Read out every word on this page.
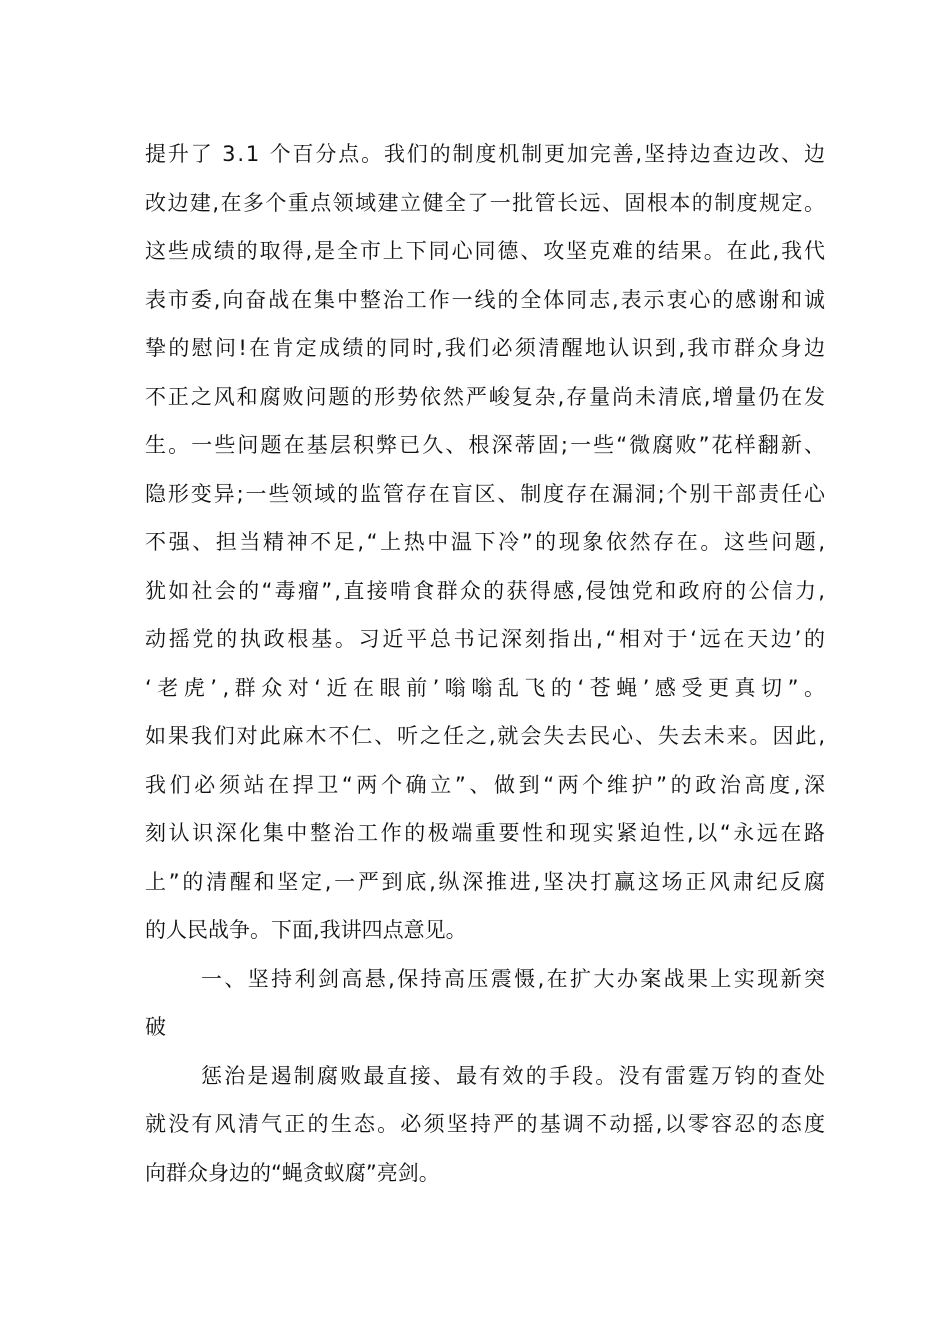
提升了 3.1 个百分点。我们的制度机制更加完善,坚持边查边改、边
改边建,在多个重点领域建立健全了一批管长远、固根本的制度规定。
这些成绩的取得,是全市上下同心同德、攻坚克难的结果。在此,我代
表市委,向奋战在集中整治工作一线的全体同志,表示衷心的感谢和诚
挚的慰问!在肯定成绩的同时,我们必须清醒地认识到,我市群众身边
不正之风和腐败问题的形势依然严峻复杂,存量尚未清底,增量仍在发
生。一些问题在基层积弊已久、根深蒂固;一些“微腐败”花样翻新、
隐形变异;一些领域的监管存在盲区、制度存在漏洞;个别干部责任心
不强、担当精神不足,“上热中温下冷”的现象依然存在。这些问题,
犹如社会的“毒瘤”,直接啃食群众的获得感,侵蚀党和政府的公信力,
动摇党的执政根基。习近平总书记深刻指出,“相对于‘远在天边’的
‘老虎’,群众对‘近在眼前’嗡嗡乱飞的‘苍蝇’感受更真切”。
如果我们对此麻木不仁、听之任之,就会失去民心、失去未来。因此,
我们必须站在捍卫“两个确立”、做到“两个维护”的政治高度,深
刻认识深化集中整治工作的极端重要性和现实紧迫性,以“永远在路
上”的清醒和坚定,一严到底,纵深推进,坚决打赢这场正风肃纪反腐
的人民战争。下面,我讲四点意见。
一、坚持利剑高悬,保持高压震慑,在扩大办案战果上实现新突
破
惩治是遏制腐败最直接、最有效的手段。没有雷霆万钧的查处
就没有风清气正的生态。必须坚持严的基调不动摇,以零容忍的态度
向群众身边的“蝇贪蚁腐”亮剑。
